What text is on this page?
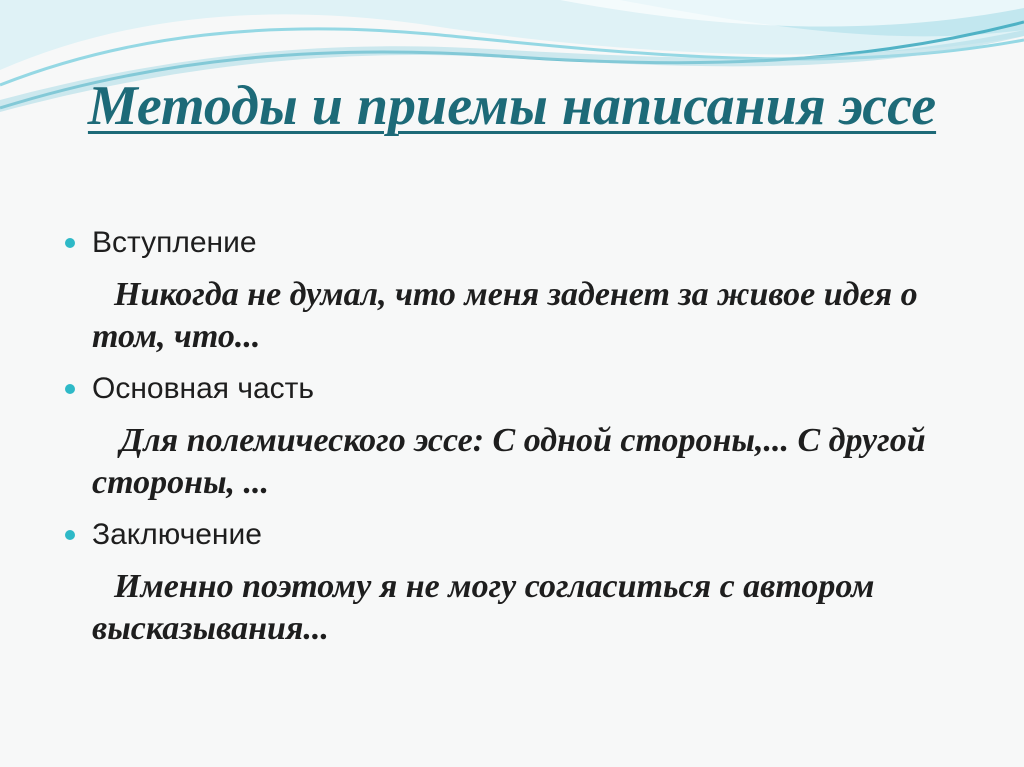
Методы и приемы написания эссе
Вступление
Никогда не думал, что меня заденет за живое идея о том, что...
Основная часть
Для полемического эссе: С одной стороны,... С другой стороны, ...
Заключение
Именно поэтому я не могу согласиться с автором высказывания...
